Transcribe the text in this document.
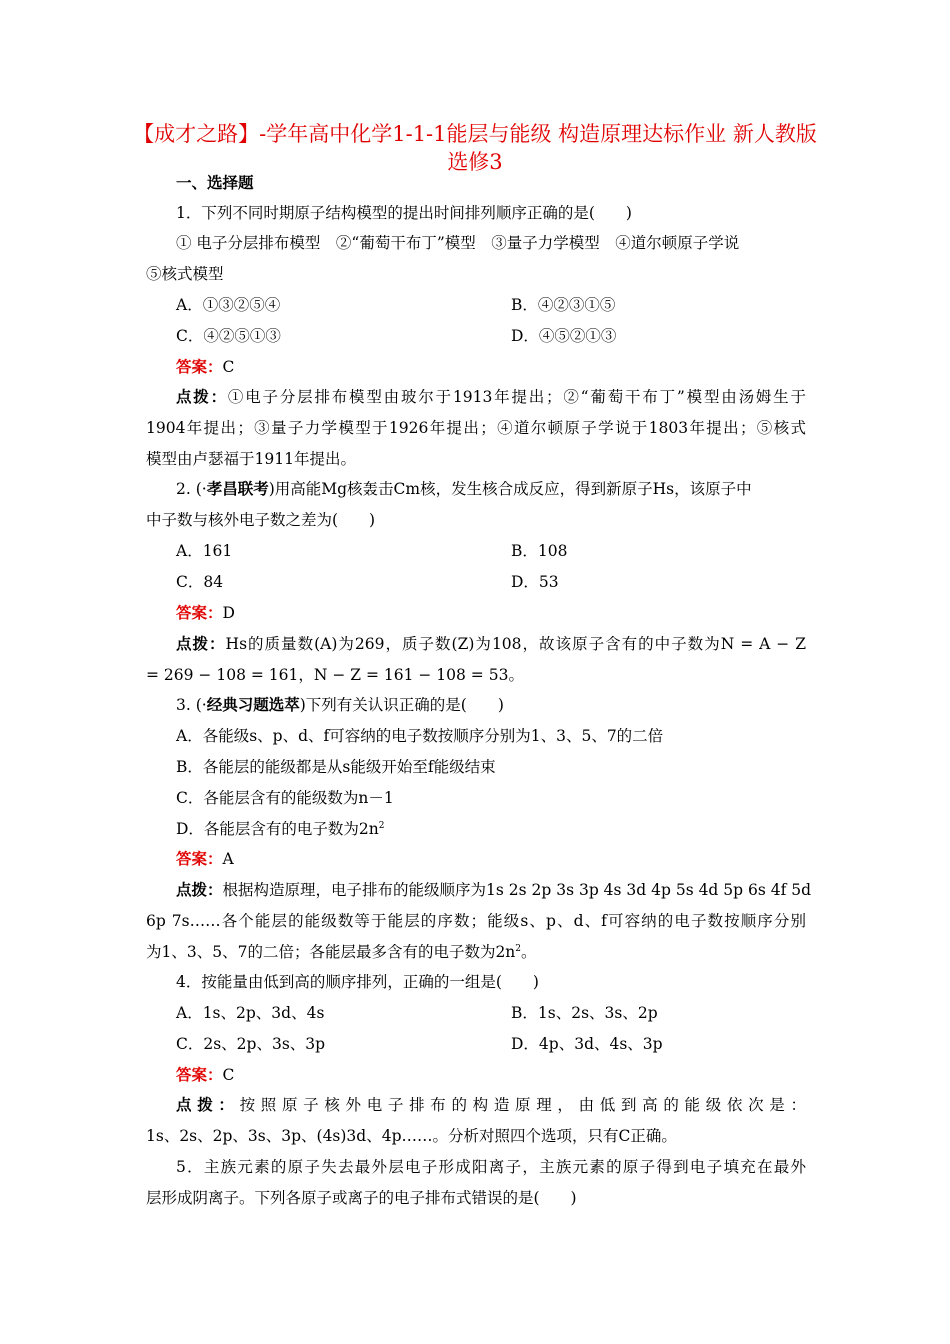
【成才之路】-学年高中化学1-1-1能层与能级 构造原理达标作业 新人教版
选修3
一、选择题
1．下列不同时期原子结构模型的提出时间排列顺序正确的是(　　)
① 电子分层排布模型　②“葡萄干布丁”模型　③量子力学模型　④道尔顿原子学说
⑤核式模型
A．①③②⑤④	B．④②③①⑤
C．④②⑤①③	D．④⑤②①③
答案：C
点拨：①电子分层排布模型由玻尔于1913年提出；②“葡萄干布丁”模型由汤姆生于
1904年提出；③量子力学模型于1926年提出；④道尔顿原子学说于1803年提出；⑤核式
模型由卢瑟福于1911年提出。
2. (·孝昌联考)用高能Mg核轰击Cm核，发生核合成反应，得到新原子Hs，该原子中
中子数与核外电子数之差为(　　)
A．161	B．108
C．84	D．53
答案：D
点拨：Hs的质量数(A)为269，质子数(Z)为108，故该原子含有的中子数为N = A − Z
= 269 − 108 = 161，N − Z = 161 − 108 = 53。
3. (·经典习题选萃)下列有关认识正确的是(　　)
A．各能级s、p、d、f可容纳的电子数按顺序分别为1、3、5、7的二倍
B．各能层的能级都是从s能级开始至f能级结束
C．各能层含有的能级数为n－1
D．各能层含有的电子数为$2n^2$
答案：A
点拨：根据构造原理，电子排布的能级顺序为1s 2s 2p 3s 3p 4s 3d 4p 5s 4d 5p 6s 4f 5d
6p 7s……各个能层的能级数等于能层的序数；能级s、p、d、f可容纳的电子数按顺序分别
为1、3、5、7的二倍；各能层最多含有的电子数为$2n^2$。
4．按能量由低到高的顺序排列，正确的一组是(　　)
A．1s、2p、3d、4s	B．1s、2s、3s、2p
C．2s、2p、3s、3p	D．4p、3d、4s、3p
答案：C
点拨：按照原子核外电子排布的构造原理，由低到高的能级依次是：
1s、2s、2p、3s、3p、(4s)3d、4p……。分析对照四个选项，只有C正确。
5．主族元素的原子失去最外层电子形成阳离子，主族元素的原子得到电子填充在最外
层形成阴离子。下列各原子或离子的电子排布式错误的是(　　)
